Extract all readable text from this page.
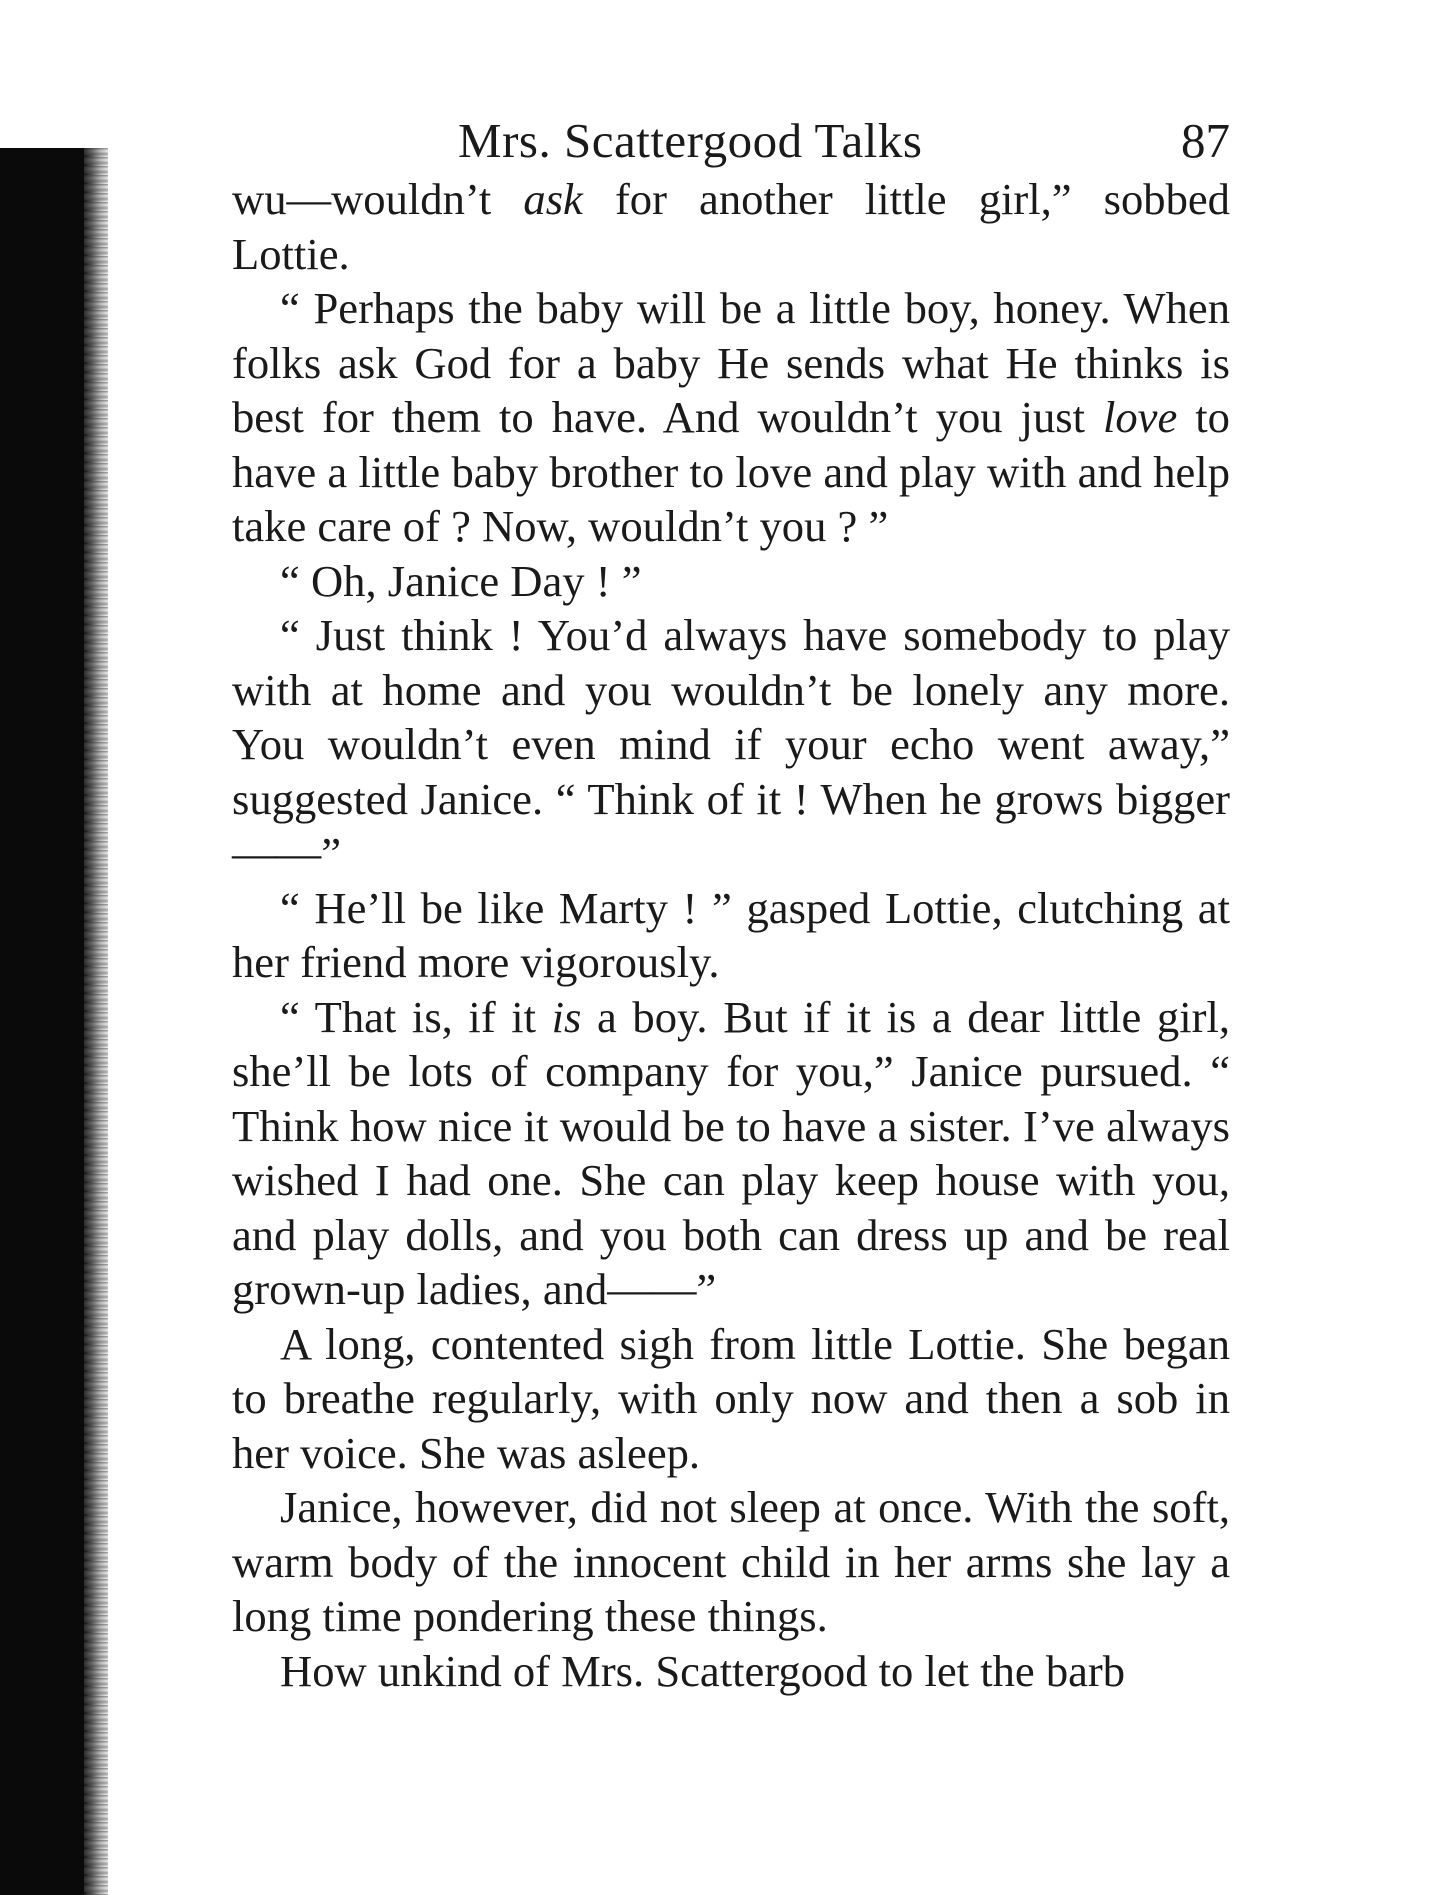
Mrs. Scattergood Talks	87

wu—wouldn’t ask for another little girl,” sobbed Lottie.

“ Perhaps the baby will be a little boy, honey. When folks ask God for a baby He sends what He thinks is best for them to have. And wouldn’t you just love to have a little baby brother to love and play with and help take care of ? Now, wouldn’t you ? ”

“ Oh, Janice Day ! ”

“ Just think ! You’d always have somebody to play with at home and you wouldn’t be lonely any more. You wouldn’t even mind if your echo went away,” suggested Janice. “ Think of it ! When he grows bigger——”

“ He’ll be like Marty ! ” gasped Lottie, clutching at her friend more vigorously.

“ That is, if it is a boy. But if it is a dear little girl, she’ll be lots of company for you,” Janice pursued. “ Think how nice it would be to have a sister. I’ve always wished I had one. She can play keep house with you, and play dolls, and you both can dress up and be real grown-up ladies, and——”

A long, contented sigh from little Lottie. She began to breathe regularly, with only now and then a sob in her voice. She was asleep.

Janice, however, did not sleep at once. With the soft, warm body of the innocent child in her arms she lay a long time pondering these things.

How unkind of Mrs. Scattergood to let the barb
